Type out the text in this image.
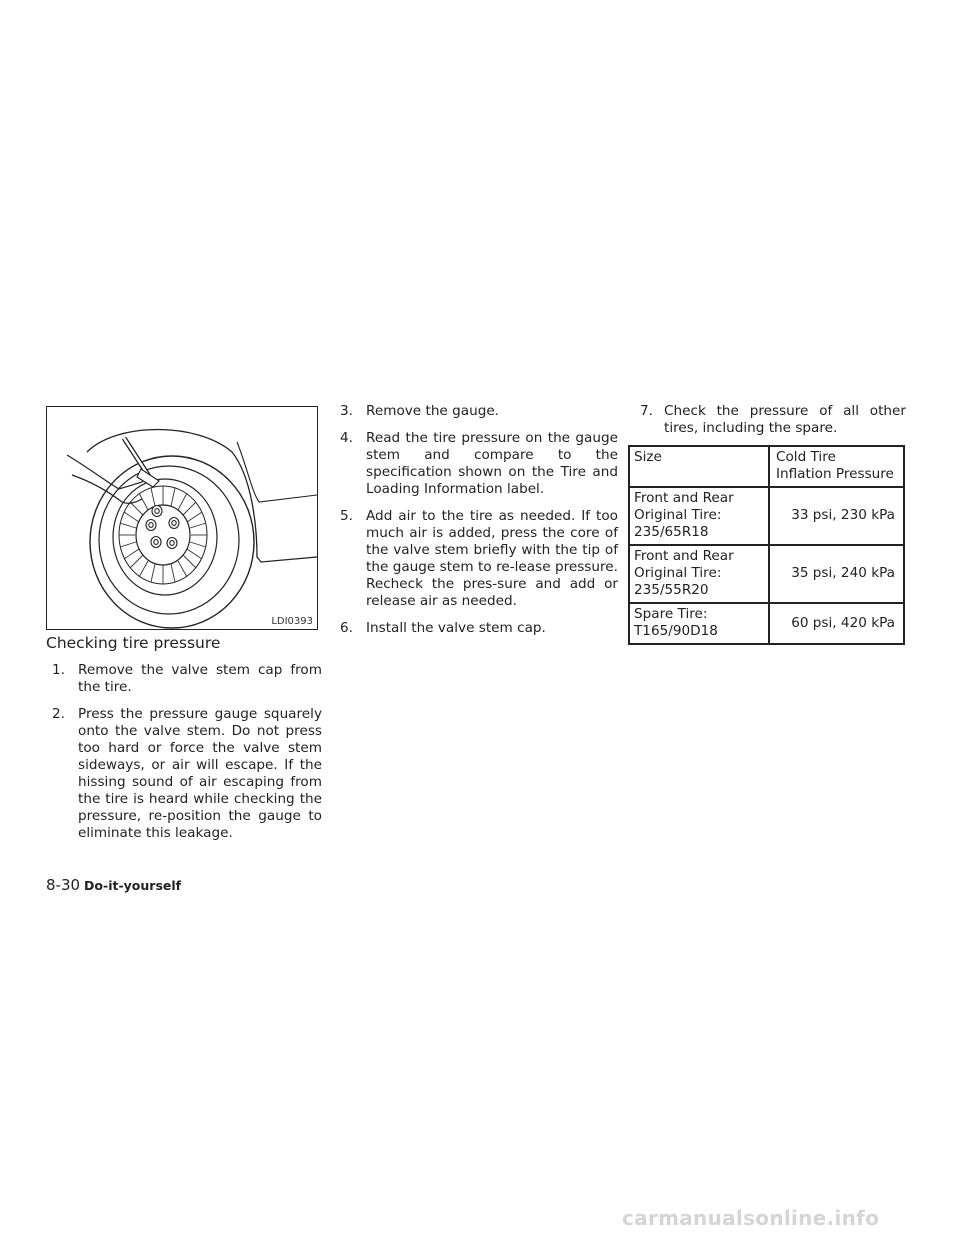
LDI0393
Checking tire pressure
1. Remove the valve stem cap from the tire.
2. Press the pressure gauge squarely onto the valve stem. Do not press too hard or force the valve stem sideways, or air will escape. If the hissing sound of air escaping from the tire is heard while checking the pressure, re-position the gauge to eliminate this leakage.
3. Remove the gauge.
4. Read the tire pressure on the gauge stem and compare to the specification shown on the Tire and Loading Information label.
5. Add air to the tire as needed. If too much air is added, press the core of the valve stem briefly with the tip of the gauge stem to re-lease pressure. Recheck the pres-sure and add or release air as needed.
6. Install the valve stem cap.
7. Check the pressure of all other tires, including the spare.
Size	Cold Tire Inflation Pressure
Front and Rear Original Tire: 235/65R18	33 psi, 230 kPa
Front and Rear Original Tire: 235/55R20	35 psi, 240 kPa
Spare Tire: T165/90D18	60 psi, 420 kPa
8-30 Do-it-yourself
carmanualsonline.info
